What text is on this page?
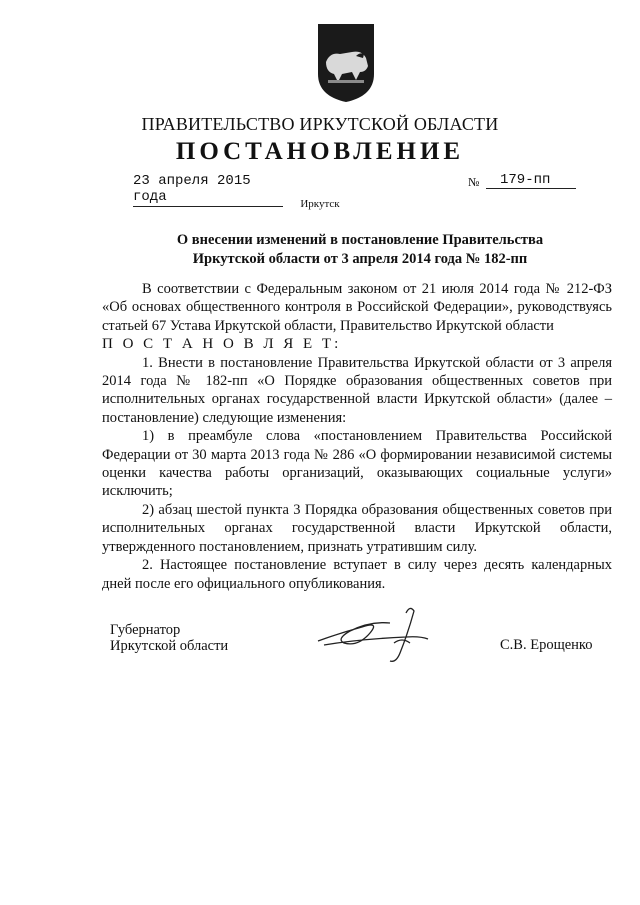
ПРАВИТЕЛЬСТВО ИРКУТСКОЙ ОБЛАСТИ
ПОСТАНОВЛЕНИЕ
23 апреля 2015 года
№	179-пп
Иркутск
О внесении изменений в постановление Правительства
Иркутской области от 3 апреля 2014 года № 182-пп

В соответствии с Федеральным законом от 21 июля 2014 года № 212-ФЗ «Об основах общественного контроля в Российской Федерации», руководствуясь статьей 67 Устава Иркутской области, Правительство Иркутской области

П О С Т А Н О В Л Я Е Т:

1. Внести в постановление Правительства Иркутской области от 3 апреля 2014 года № 182-пп «О Порядке образования общественных советов при исполнительных органах государственной власти Иркутской области» (далее – постановление) следующие изменения:

1) в преамбуле слова «постановлением Правительства Российской Федерации от 30 марта 2013 года № 286 «О формировании независимой системы оценки качества работы организаций, оказывающих социальные услуги» исключить;

2) абзац шестой пункта 3 Порядка образования общественных советов при исполнительных органах государственной власти Иркутской области, утвержденного постановлением, признать утратившим силу.

2. Настоящее постановление вступает в силу через десять календарных дней после его официального опубликования.

Губернатор
Иркутской области	С.В. Ерощенко
